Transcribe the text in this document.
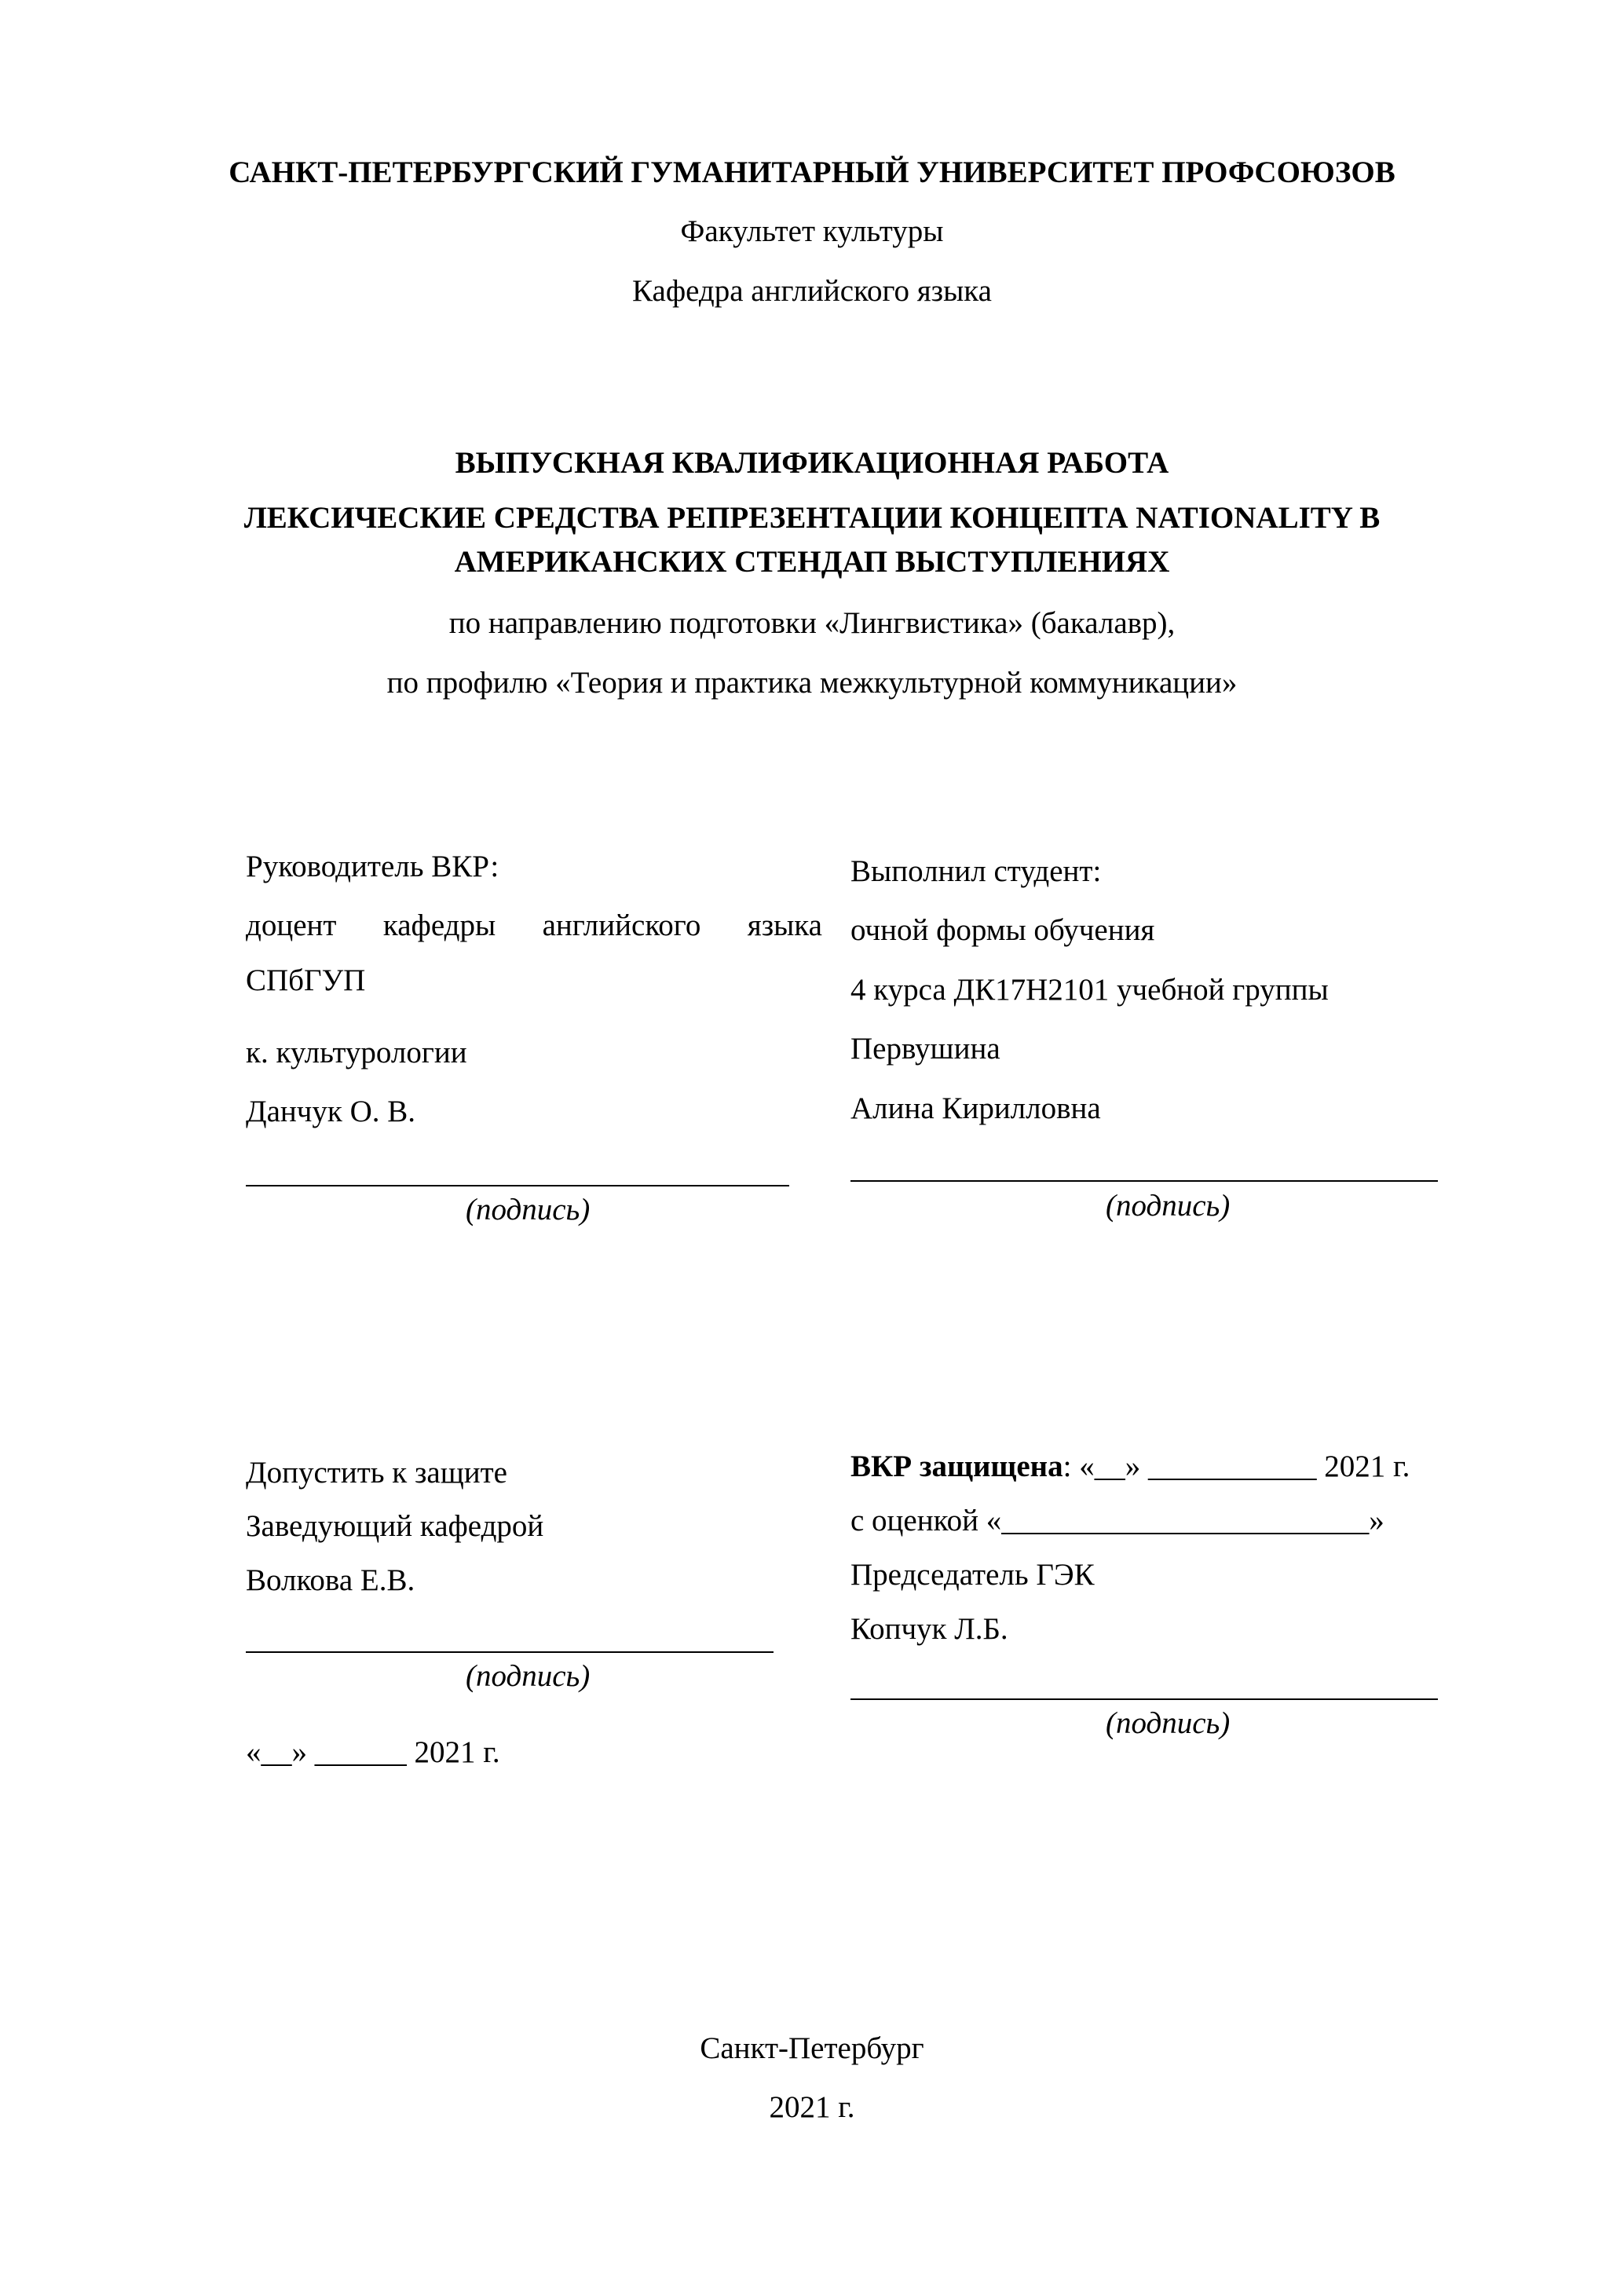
САНКТ-ПЕТЕРБУРГСКИЙ ГУМАНИТАРНЫЙ УНИВЕРСИТЕТ ПРОФСОЮЗОВ
Факультет культуры
Кафедра английского языка
ВЫПУСКНАЯ КВАЛИФИКАЦИОННАЯ РАБОТА
ЛЕКСИЧЕСКИЕ СРЕДСТВА РЕПРЕЗЕНТАЦИИ КОНЦЕПТА NATIONALITY В
АМЕРИКАНСКИХ СТЕНДАП ВЫСТУПЛЕНИЯХ
по направлению подготовки «Лингвистика» (бакалавр),
по профилю «Теория и практика межкультурной коммуникации»
Руководитель ВКР:
доцент кафедры английского языка
СПбГУП
к. культурологии
Данчук О. В.
(подпись)
Выполнил студент:
очной формы обучения
4 курса ДК17Н2101 учебной группы
Первушина
Алина Кирилловна
(подпись)
Допустить к защите
Заведующий кафедрой
Волкова Е.В.
(подпись)
«__» ______ 2021 г.
ВКР защищена: «__» ___________ 2021 г.
с оценкой «________________________»
Председатель ГЭК
Копчук Л.Б.
(подпись)
Санкт-Петербург
2021 г.
